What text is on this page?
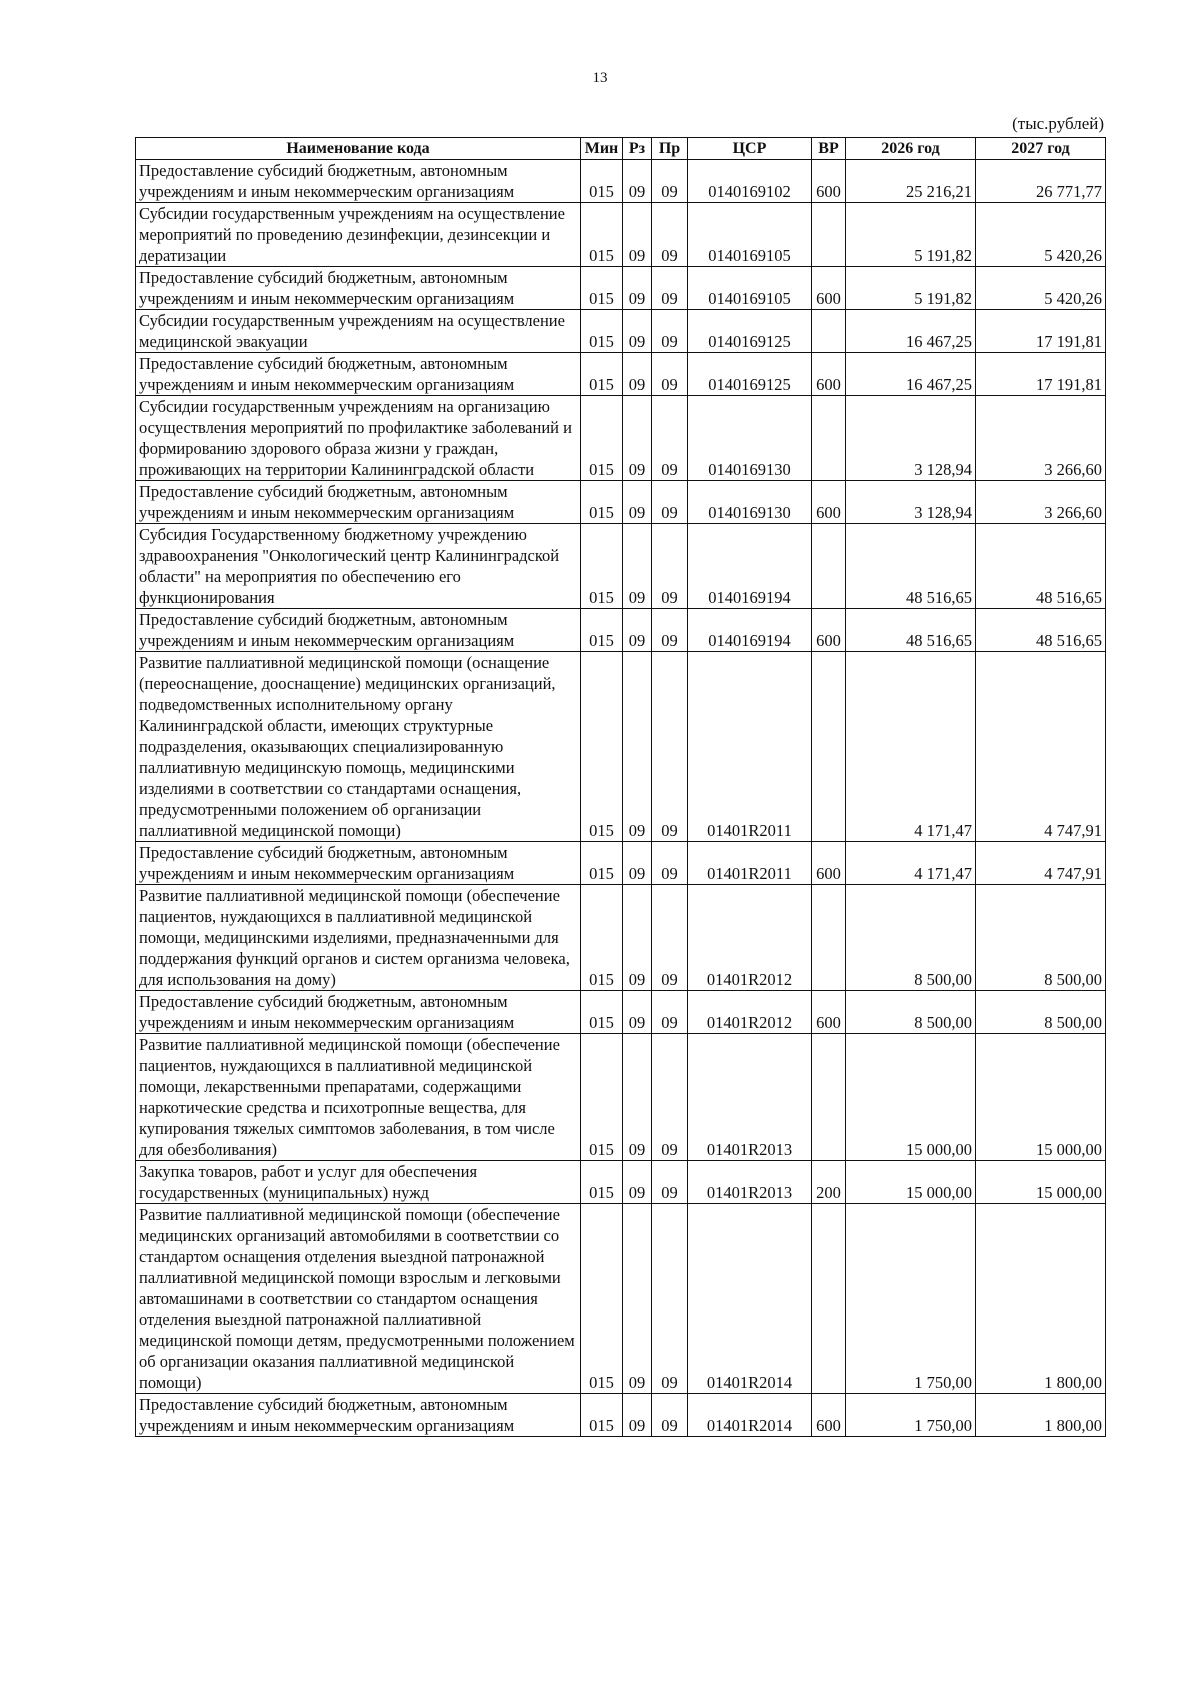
13
(тыс.рублей)
Наименование кода	Мин	Рз	Пр	ЦСР	ВР	2026 год	2027 год
Предоставление субсидий бюджетным, автономным учреждениям и иным некоммерческим организациям	015	09	09	0140169102	600	25 216,21	26 771,77
Субсидии государственным учреждениям на осуществление мероприятий по проведению дезинфекции, дезинсекции и дератизации	015	09	09	0140169105		5 191,82	5 420,26
Предоставление субсидий бюджетным, автономным учреждениям и иным некоммерческим организациям	015	09	09	0140169105	600	5 191,82	5 420,26
Субсидии государственным учреждениям на осуществление медицинской эвакуации	015	09	09	0140169125		16 467,25	17 191,81
Предоставление субсидий бюджетным, автономным учреждениям и иным некоммерческим организациям	015	09	09	0140169125	600	16 467,25	17 191,81
Субсидии государственным учреждениям на организацию осуществления мероприятий по профилактике заболеваний и формированию здорового образа жизни у граждан, проживающих на территории Калининградской области	015	09	09	0140169130		3 128,94	3 266,60
Предоставление субсидий бюджетным, автономным учреждениям и иным некоммерческим организациям	015	09	09	0140169130	600	3 128,94	3 266,60
Субсидия Государственному бюджетному учреждению здравоохранения "Онкологический центр Калининградской области" на мероприятия по обеспечению его функционирования	015	09	09	0140169194		48 516,65	48 516,65
Предоставление субсидий бюджетным, автономным учреждениям и иным некоммерческим организациям	015	09	09	0140169194	600	48 516,65	48 516,65
Развитие паллиативной медицинской помощи (оснащение (переоснащение, дооснащение) медицинских организаций, подведомственных исполнительному органу Калининградской области, имеющих структурные подразделения, оказывающих специализированную паллиативную медицинскую помощь, медицинскими изделиями в соответствии со стандартами оснащения, предусмотренными положением об организации паллиативной медицинской помощи)	015	09	09	01401R2011		4 171,47	4 747,91
Предоставление субсидий бюджетным, автономным учреждениям и иным некоммерческим организациям	015	09	09	01401R2011	600	4 171,47	4 747,91
Развитие паллиативной медицинской помощи (обеспечение пациентов, нуждающихся в паллиативной медицинской помощи, медицинскими изделиями, предназначенными для поддержания функций органов и систем организма человека, для использования на дому)	015	09	09	01401R2012		8 500,00	8 500,00
Предоставление субсидий бюджетным, автономным учреждениям и иным некоммерческим организациям	015	09	09	01401R2012	600	8 500,00	8 500,00
Развитие паллиативной медицинской помощи (обеспечение пациентов, нуждающихся в паллиативной медицинской помощи, лекарственными препаратами, содержащими наркотические средства и психотропные вещества, для купирования тяжелых симптомов заболевания, в том числе для обезболивания)	015	09	09	01401R2013		15 000,00	15 000,00
Закупка товаров, работ и услуг для обеспечения государственных (муниципальных) нужд	015	09	09	01401R2013	200	15 000,00	15 000,00
Развитие паллиативной медицинской помощи (обеспечение медицинских организаций автомобилями в соответствии со стандартом оснащения отделения выездной патронажной паллиативной медицинской помощи взрослым и легковыми автомашинами в соответствии со стандартом оснащения отделения выездной патронажной паллиативной медицинской помощи детям, предусмотренными положением об организации оказания паллиативной медицинской помощи)	015	09	09	01401R2014		1 750,00	1 800,00
Предоставление субсидий бюджетным, автономным учреждениям и иным некоммерческим организациям	015	09	09	01401R2014	600	1 750,00	1 800,00
